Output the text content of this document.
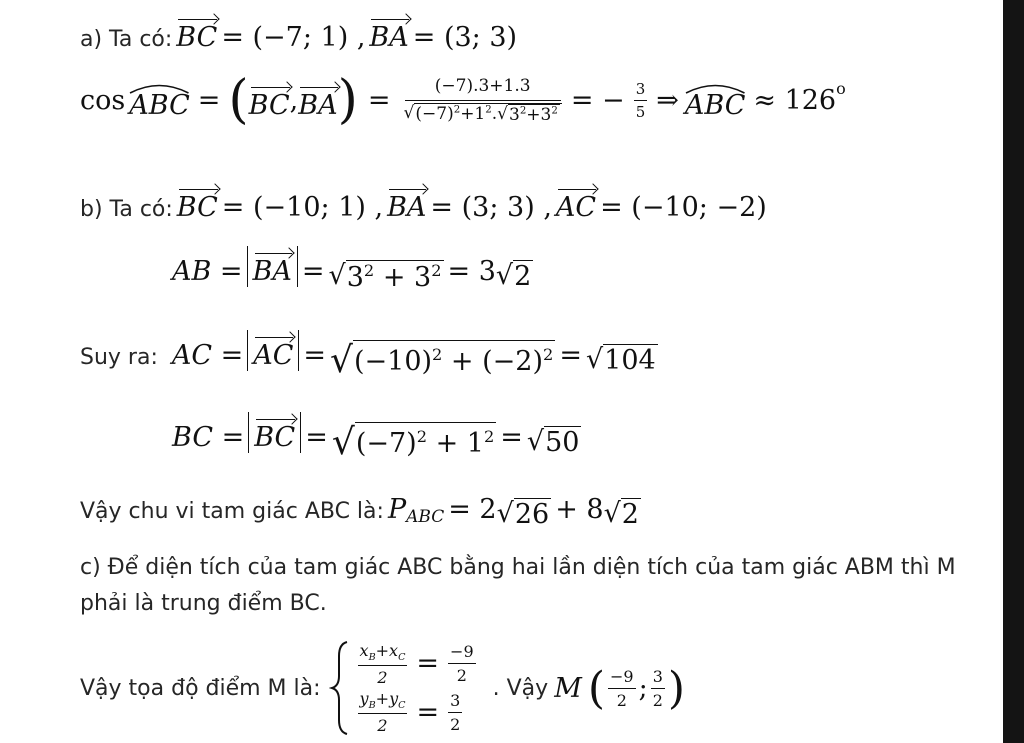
a) Ta có: BC = (−7; 1) , BA = (3; 3)
cos
ABC = ( BC , BA ) = $\frac{(-7).3+1.3}{√ (-7)^2+1^2. √ 3^2+3^2}$ = − $\frac{3}{5}$ ⇒ ABC ≈ $126^o$
b) Ta có: BC = (−10; 1) , BA = (3; 3) , AC = (−10; −2)
AB = BA = √ $3^2 + 3^2 = 3$ √ 2
Suy ra: AC = AC = √ $(-10)^2 + (-2)^2$ = √ 104
BC = BC = √ $(-7)^2 + 1^2$ = √ 50
Vậy chu vi tam giác ABC là: $P_{ABC} = 2$ √ 26 + 8 √ 2
c) Để diện tích của tam giác ABC bằng hai lần diện tích của tam giác ABM thì M
phải là trung điểm BC.
Vậy tọa độ điểm M là:
$\frac{x_B+x_C}{2} = \frac{-9}{2}$
$\frac{y_B+y_C}{2} = \frac{3}{2}$
. Vậy M ( $\frac{-9}{2}$ ; $\frac{3}{2}$ )
